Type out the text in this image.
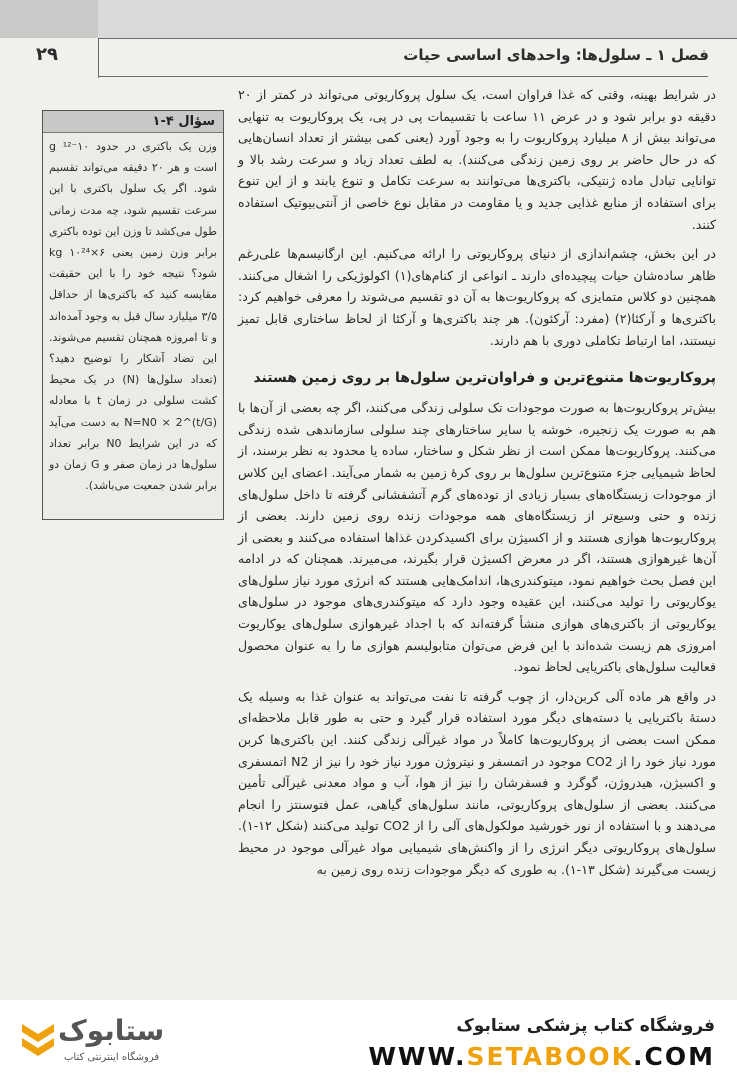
۲۹	فصل ۱ ـ سلول‌ها: واحدهای اساسی حیات

در شرایط بهینه، وقتی که غذا فراوان است، یک سلول پروکاریوتی می‌تواند در کمتر از ۲۰ دقیقه دو برابر شود و در عرض ۱۱ ساعت با تقسیمات پی در پی، یک پروکاریوت به تنهایی می‌تواند بیش از ۸ میلیارد پروکاریوت را به وجود آورد (یعنی کمی بیشتر از تعداد انسان‌هایی که در حال حاضر بر روی زمین زندگی می‌کنند). به لطف تعداد زیاد و سرعت رشد بالا و توانایی تبادل ماده ژنتیکی، باکتری‌ها می‌توانند به سرعت تکامل و تنوع یابند و از این تنوع برای استفاده از منابع غذایی جدید و یا مقاومت در مقابل نوع خاصی از آنتی‌بیوتیک استفاده کنند.

در این بخش، چشم‌اندازی از دنیای پروکاریوتی را ارائه می‌کنیم. این ارگانیسم‌ها علی‌رغم ظاهر ساده‌شان حیات پیچیده‌ای دارند ـ انواعی از کنام‌های(۱) اکولوژیکی را اشغال می‌کنند. همچنین دو کلاس متمایزی که پروکاریوت‌ها به آن دو تقسیم می‌شوند را معرفی خواهیم کرد: باکتری‌ها و آرکئا(۲) (مفرد: آرکئون). هر چند باکتری‌ها و آرکئا از لحاظ ساختاری قابل تمیز نیستند، اما ارتباط تکاملی دوری با هم دارند.

پروکاریوت‌ها متنوع‌ترین و فراوان‌ترین سلول‌ها بر روی زمین هستند

بیش‌تر پروکاریوت‌ها به صورت موجودات تک سلولی زندگی می‌کنند، اگر چه بعضی از آن‌ها با هم به صورت یک زنجیره، خوشه یا سایر ساختارهای چند سلولی سازماندهی شده زندگی می‌کنند. پروکاریوت‌ها ممکن است از نظر شکل و ساختار، ساده یا محدود به نظر برسند، از لحاظ شیمیایی جزء متنوع‌ترین سلول‌ها بر روی کرهٔ زمین به شمار می‌آیند. اعضای این کلاس از موجودات زیستگاه‌های بسیار زیادی از توده‌های گرم آتشفشانی گرفته تا داخل سلول‌های زنده و حتی وسیع‌تر از زیستگاه‌های همه موجودات زنده روی زمین دارند. بعضی از پروکاریوت‌ها هوازی هستند و از اکسیژن برای اکسیدکردن غذاها استفاده می‌کنند و بعضی از آن‌ها غیرهوازی هستند، اگر در معرض اکسیژن قرار بگیرند، می‌میرند. همچنان که در ادامه این فصل بحث خواهیم نمود، میتوکندری‌ها، اندامک‌هایی هستند که انرژی مورد نیاز سلول‌های یوکاریوتی را تولید می‌کنند، این عقیده وجود دارد که میتوکندری‌های موجود در سلول‌های یوکاریوتی از باکتری‌های هوازی منشأ گرفته‌اند که با اجداد غیرهوازی سلول‌های یوکاریوت امروزی هم زیست شده‌اند با این فرض می‌توان متابولیسم هوازی ما را به عنوان محصول فعالیت سلول‌های باکتریایی لحاظ نمود.

در واقع هر ماده آلی کربن‌دار، از چوب گرفته تا نفت می‌تواند به عنوان غذا به وسیله یک دستهٔ باکتریایی یا دسته‌های دیگر مورد استفاده قرار گیرد و حتی به طور قابل ملاحظه‌ای ممکن است بعضی از پروکاریوت‌ها کاملاً در مواد غیرآلی زندگی کنند. این باکتری‌ها کربن مورد نیاز خود را از CO2 موجود در اتمسفر و نیتروژن مورد نیاز خود را نیز از N2 اتمسفری و اکسیژن، هیدروژن، گوگرد و فسفرشان را نیز از هوا، آب و مواد معدنی غیرآلی تأمین می‌کنند. بعضی از سلول‌های پروکاریوتی، مانند سلول‌های گیاهی، عمل فتوسنتز را انجام می‌دهند و با استفاده از نور خورشید مولکول‌های آلی را از CO2 تولید می‌کنند (شکل ۱۲-۱). سلول‌های پروکاریوتی دیگر انرژی را از واکنش‌های شیمیایی مواد غیرآلی موجود در محیط زیست می‌گیرند (شکل ۱۳-۱). به طوری که دیگر موجودات زنده روی زمین به

سؤال ۴-۱
وزن یک باکتری در حدود ۱۰⁻¹² g است و هر ۲۰ دقیقه می‌تواند تقسیم شود. اگر یک سلول باکتری با این سرعت تقسیم شود، چه مدت زمانی طول می‌کشد تا وزن این توده باکتری برابر وزن زمین یعنی ۶×۱۰²⁴ kg شود؟ نتیجه خود را با این حقیقت مقایسه کنید که باکتری‌ها از حداقل ۳/۵ میلیارد سال قبل به وجود آمده‌اند و تا امروزه همچنان تقسیم می‌شوند. این تضاد آشکار را توضیح دهید؟ (تعداد سلول‌ها (N) در یک محیط کشت سلولی در زمان t با معادله N=N0 × 2^(t/G) به دست می‌آید که در این شرایط N0 برابر تعداد سلول‌ها در زمان صفر و G زمان دو برابر شدن جمعیت می‌باشد).
ستابوک
فروشگاه اینترنتی کتاب
فروشگاه کتاب پزشکی ستابوک
WWW.SETABOOK.COM
